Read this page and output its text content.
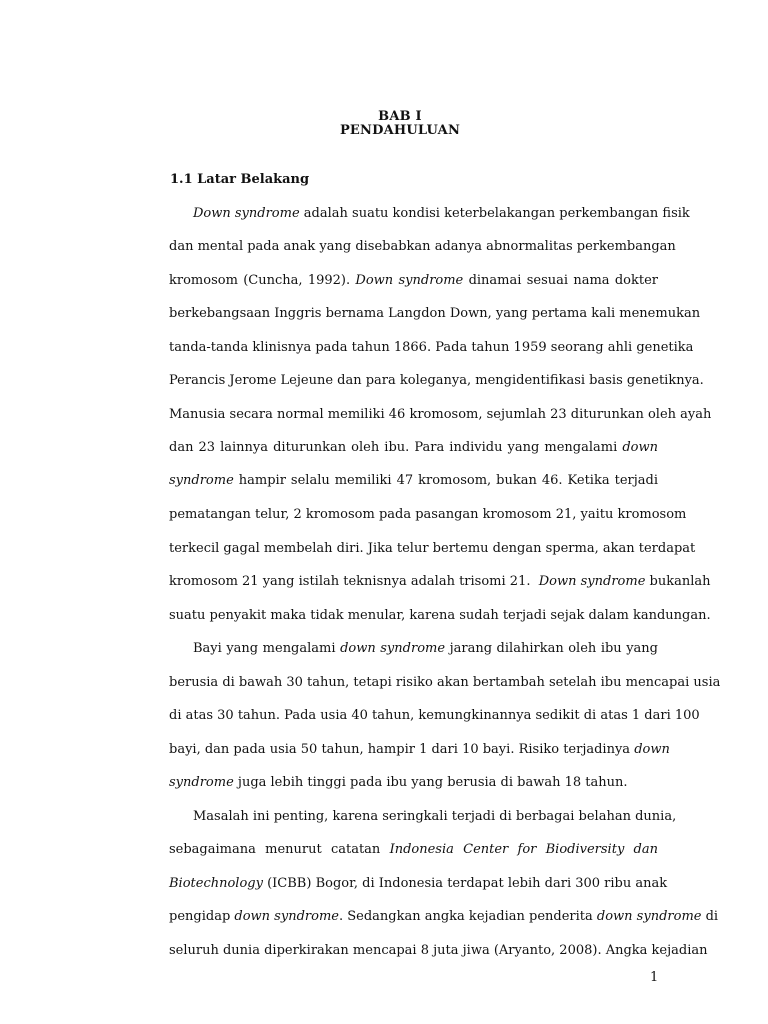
BAB I
PENDAHULUAN
1.1 Latar Belakang
Down syndrome adalah suatu kondisi keterbelakangan perkembangan fisik
dan mental pada anak yang disebabkan adanya abnormalitas perkembangan
kromosom (Cuncha, 1992). Down syndrome dinamai sesuai nama dokter
berkebangsaan Inggris bernama Langdon Down, yang pertama kali menemukan
tanda-tanda klinisnya pada tahun 1866. Pada tahun 1959 seorang ahli genetika
Perancis Jerome Lejeune dan para koleganya, mengidentifikasi basis genetiknya.
Manusia secara normal memiliki 46 kromosom, sejumlah 23 diturunkan oleh ayah
dan 23 lainnya diturunkan oleh ibu. Para individu yang mengalami down
syndrome hampir selalu memiliki 47 kromosom, bukan 46. Ketika terjadi
pematangan telur, 2 kromosom pada pasangan kromosom 21, yaitu kromosom
terkecil gagal membelah diri. Jika telur bertemu dengan sperma, akan terdapat
kromosom 21 yang istilah teknisnya adalah trisomi 21.  Down syndrome bukanlah
suatu penyakit maka tidak menular, karena sudah terjadi sejak dalam kandungan.
Bayi yang mengalami down syndrome jarang dilahirkan oleh ibu yang
berusia di bawah 30 tahun, tetapi risiko akan bertambah setelah ibu mencapai usia
di atas 30 tahun. Pada usia 40 tahun, kemungkinannya sedikit di atas 1 dari 100
bayi, dan pada usia 50 tahun, hampir 1 dari 10 bayi. Risiko terjadinya down
syndrome juga lebih tinggi pada ibu yang berusia di bawah 18 tahun.
Masalah ini penting, karena seringkali terjadi di berbagai belahan dunia,
sebagaimana menurut catatan Indonesia Center for Biodiversity dan
Biotechnology (ICBB) Bogor, di Indonesia terdapat lebih dari 300 ribu anak
pengidap down syndrome. Sedangkan angka kejadian penderita down syndrome di
seluruh dunia diperkirakan mencapai 8 juta jiwa (Aryanto, 2008). Angka kejadian
1
